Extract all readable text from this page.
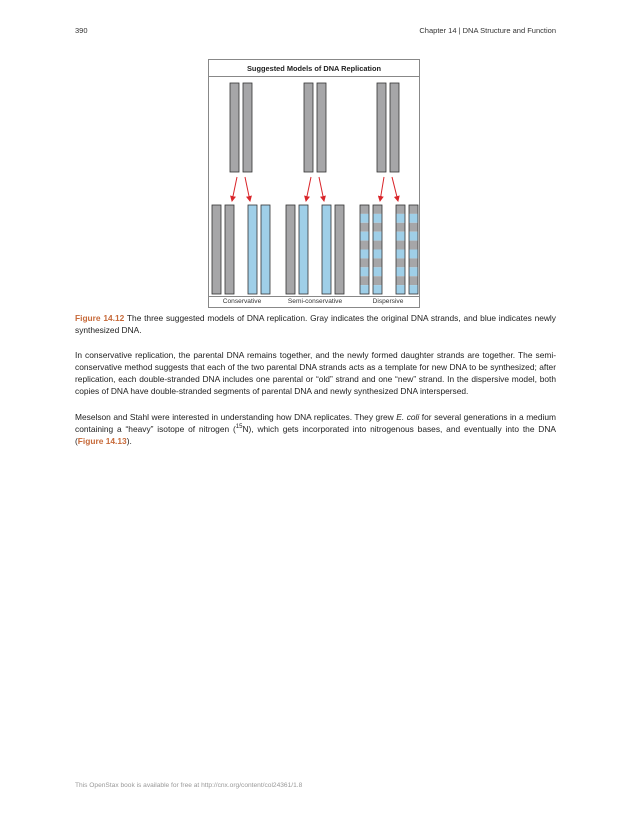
390	Chapter 14 | DNA Structure and Function
Suggested Models of DNA Replication
Conservative	Semi-conservative	Dispersive
Figure 14.12 The three suggested models of DNA replication. Gray indicates the original DNA strands, and blue indicates newly synthesized DNA.

In conservative replication, the parental DNA remains together, and the newly formed daughter strands are together. The semi-conservative method suggests that each of the two parental DNA strands acts as a template for new DNA to be synthesized; after replication, each double-stranded DNA includes one parental or “old” strand and one “new” strand. In the dispersive model, both copies of DNA have double-stranded segments of parental DNA and newly synthesized DNA interspersed.

Meselson and Stahl were interested in understanding how DNA replicates. They grew E. coli for several generations in a medium containing a “heavy” isotope of nitrogen ($^{15}$N), which gets incorporated into nitrogenous bases, and eventually into the DNA (Figure 14.13).

This OpenStax book is available for free at http://cnx.org/content/col24361/1.8
